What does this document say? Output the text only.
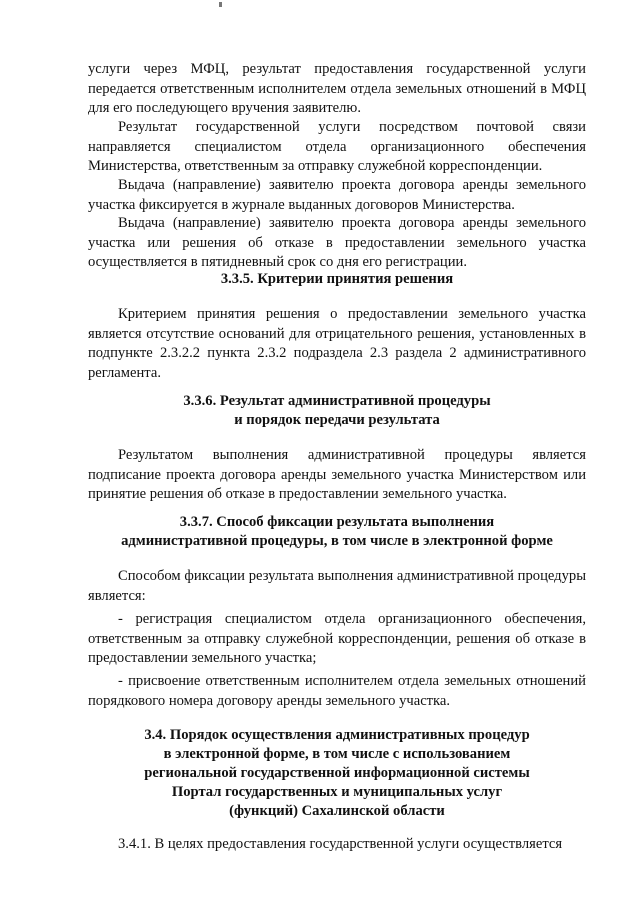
услуги через МФЦ, результат предоставления государственной услуги передается ответственным исполнителем отдела земельных отношений в МФЦ для его последующего вручения заявителю.

Результат государственной услуги посредством почтовой связи направляется специалистом отдела организационного обеспечения Министерства, ответственным за отправку служебной корреспонденции.

Выдача (направление) заявителю проекта договора аренды земельного участка фиксируется в журнале выданных договоров Министерства.

Выдача (направление) заявителю проекта договора аренды земельного участка или решения об отказе в предоставлении земельного участка осуществляется в пятидневный срок со дня его регистрации.

3.3.5. Критерии принятия решения

Критерием принятия решения о предоставлении земельного участка является отсутствие оснований для отрицательного решения, установленных в подпункте 2.3.2.2 пункта 2.3.2 подраздела 2.3 раздела 2 административного регламента.

3.3.6. Результат административной процедуры

и порядок передачи результата

Результатом выполнения административной процедуры является подписание проекта договора аренды земельного участка Министерством или принятие решения об отказе в предоставлении земельного участка.

3.3.7. Способ фиксации результата выполнения

административной процедуры, в том числе в электронной форме

Способом фиксации результата выполнения административной процедуры является:

- регистрация специалистом отдела организационного обеспечения, ответственным за отправку служебной корреспонденции, решения об отказе в предоставлении земельного участка;

- присвоение ответственным исполнителем отдела земельных отношений порядкового номера договору аренды земельного участка.

3.4. Порядок осуществления административных процедур

в электронной форме, в том числе с использованием

региональной государственной информационной системы

Портал государственных и муниципальных услуг

(функций) Сахалинской области

3.4.1. В целях предоставления государственной услуги осуществляется
